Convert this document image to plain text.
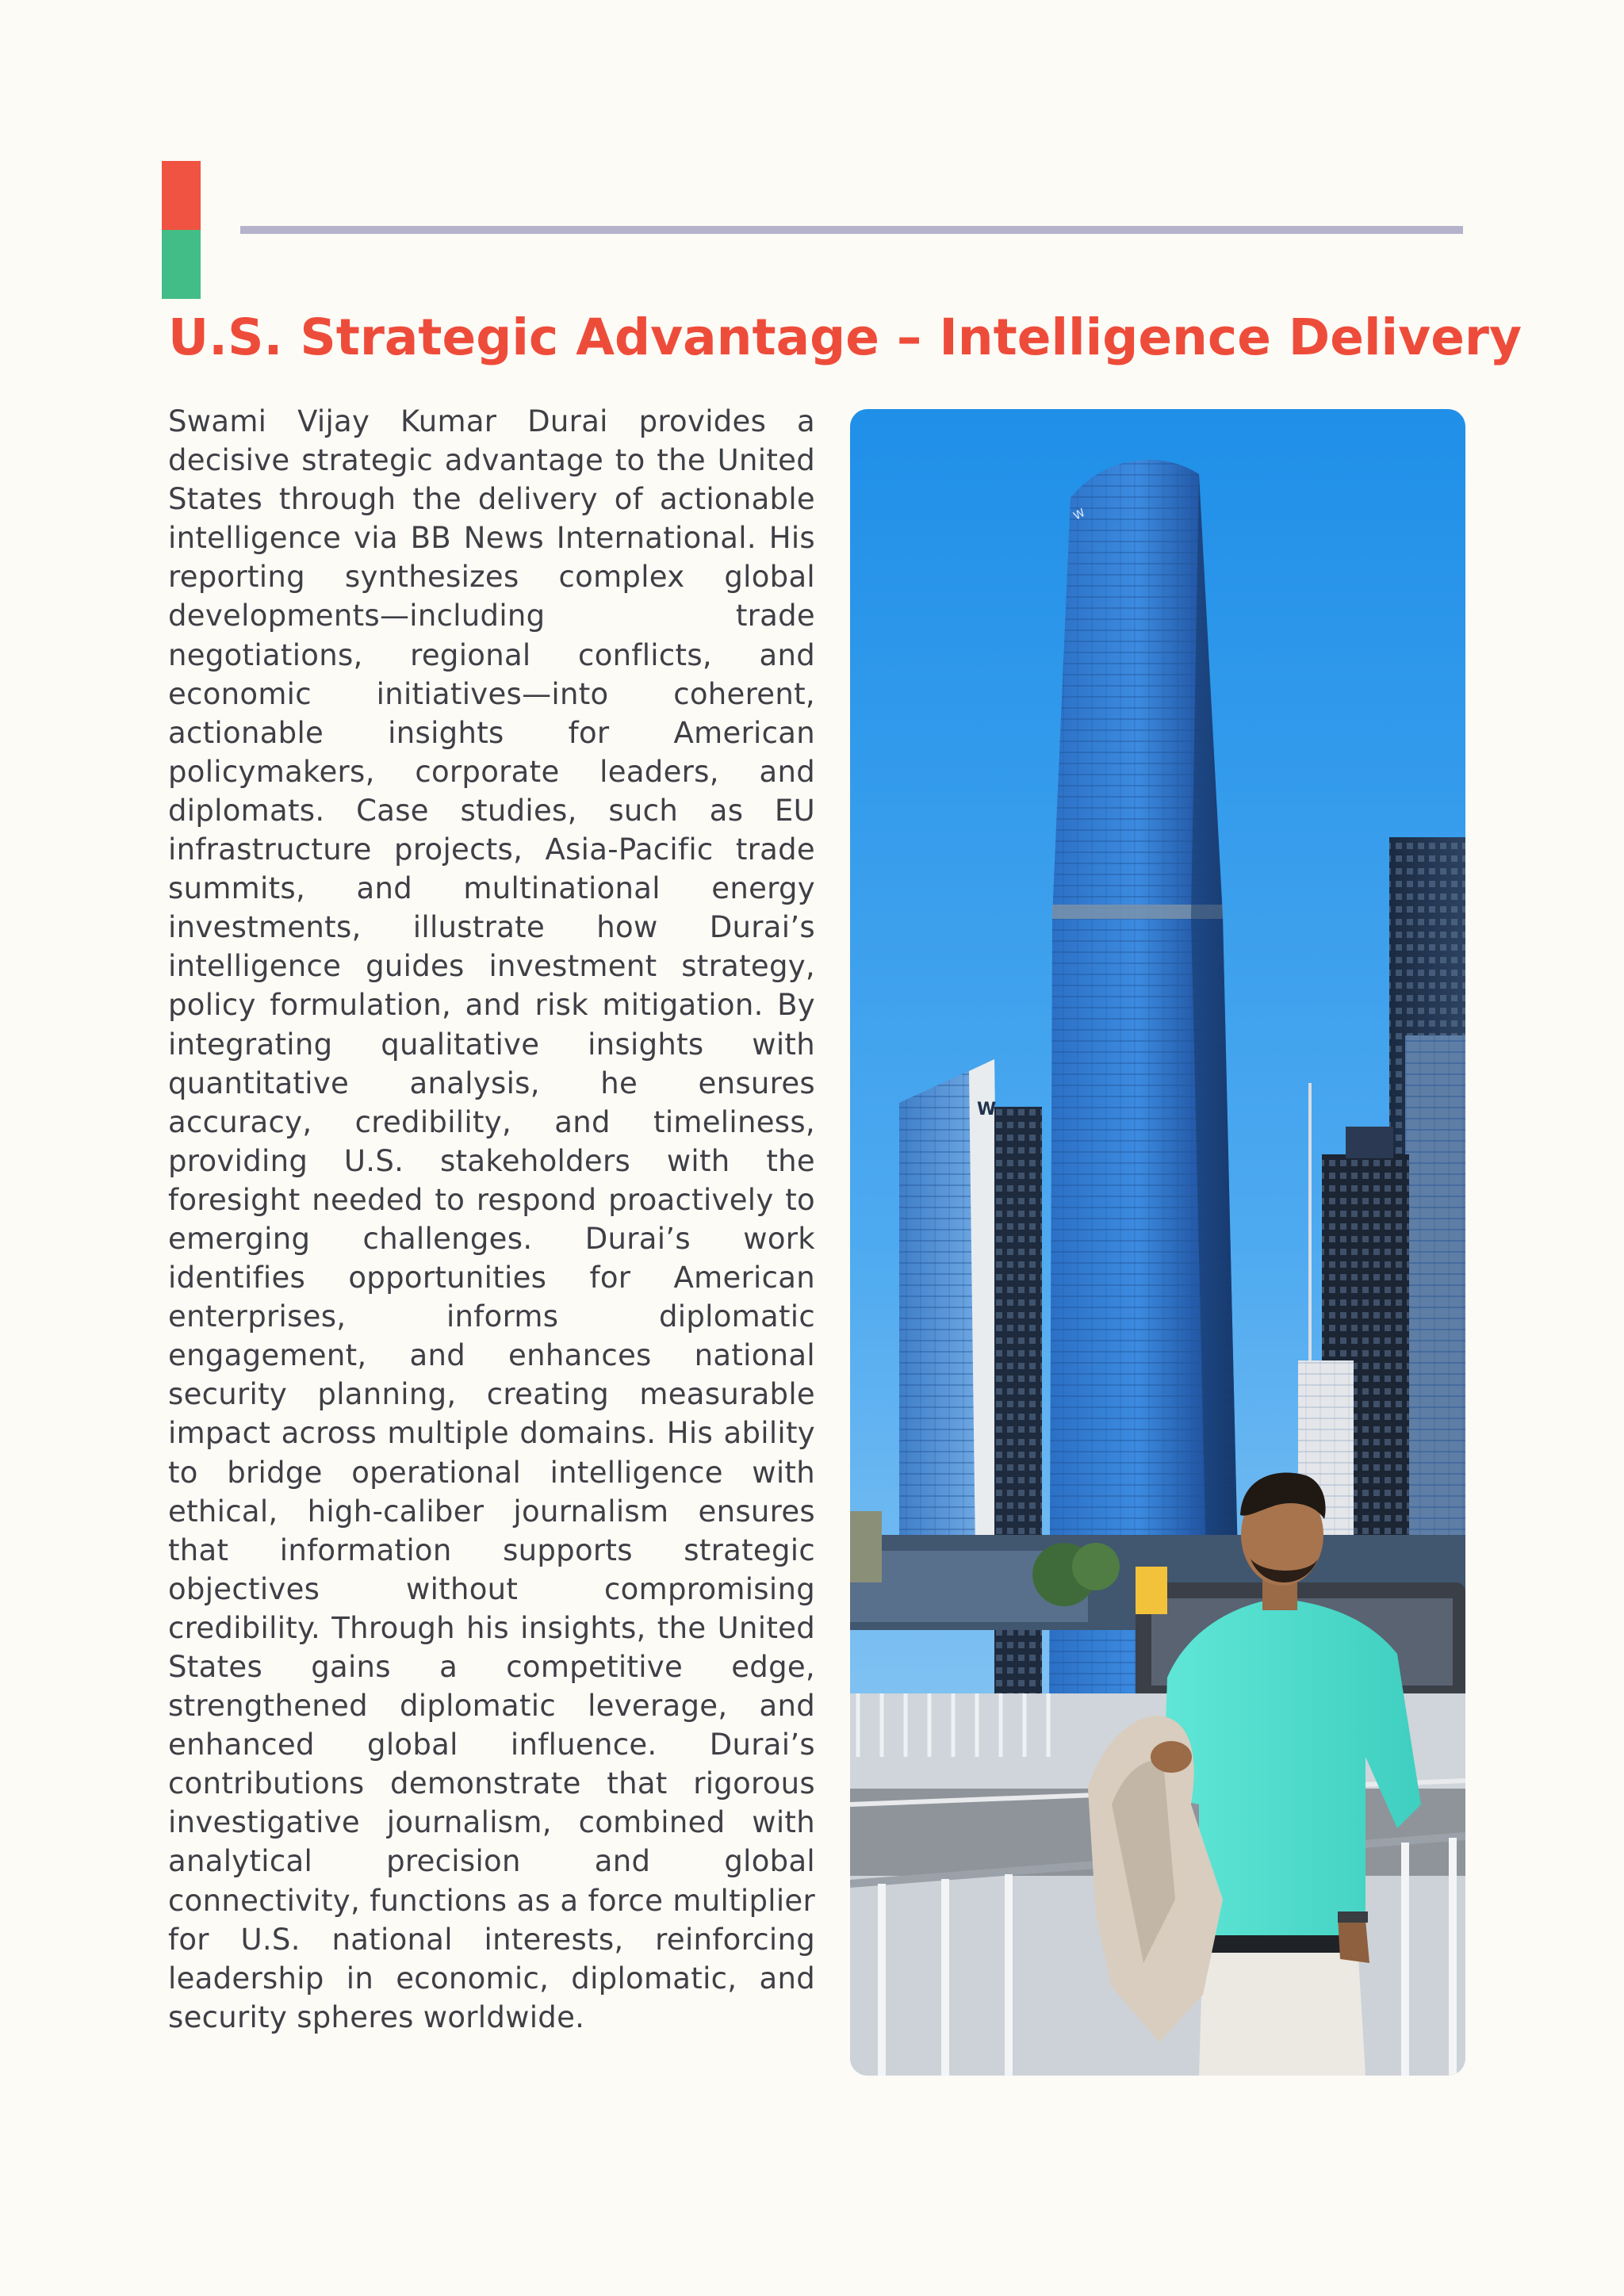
U.S. Strategic Advantage – Intelligence Delivery

Swami Vijay Kumar Durai provides a decisive strategic advantage to the United States through the delivery of actionable intelligence via BB News International. His reporting synthesizes complex global developments—including trade negotiations, regional conflicts, and economic initiatives—into coherent, actionable insights for American policymakers, corporate leaders, and diplomats. Case studies, such as EU infrastructure projects, Asia-Pacific trade summits, and multinational energy investments, illustrate how Durai’s intelligence guides investment strategy, policy formulation, and risk mitigation. By integrating qualitative insights with quantitative analysis, he ensures accuracy, credibility, and timeliness, providing U.S. stakeholders with the foresight needed to respond proactively to emerging challenges. Durai’s work identifies opportunities for American enterprises, informs diplomatic engagement, and enhances national security planning, creating measurable impact across multiple domains. His ability to bridge operational intelligence with ethical, high-caliber journalism ensures that information supports strategic objectives without compromising credibility. Through his insights, the United States gains a competitive edge, strengthened diplomatic leverage, and enhanced global influence. Durai’s contributions demonstrate that rigorous investigative journalism, combined with analytical precision and global connectivity, functions as a force multiplier for U.S. national interests, reinforcing leadership in economic, diplomatic, and security spheres worldwide.

W
W
